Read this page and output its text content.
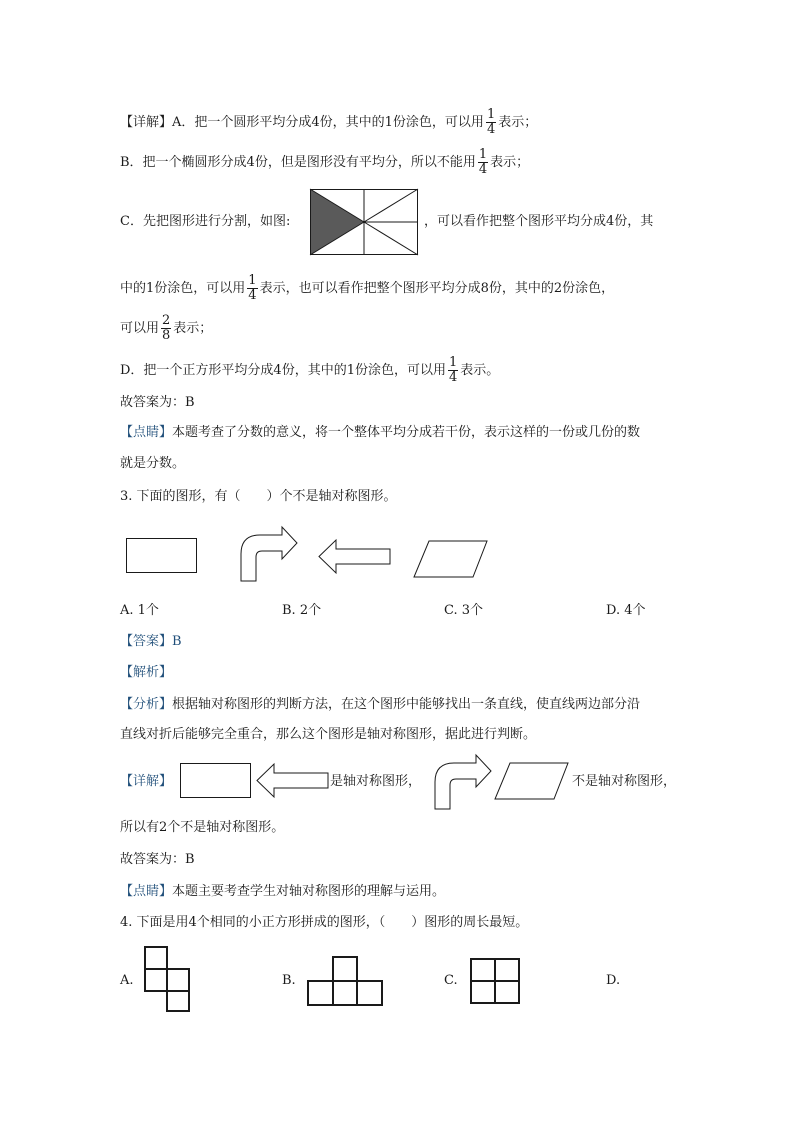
【详解】A．把一个圆形平均分成4份，其中的1份涂色，可以用 $\frac{1}{4}$ 表示；
B．把一个椭圆形分成4份，但是图形没有平均分，所以不能用 $\frac{1}{4}$ 表示；
C．先把图形进行分割，如图:	，可以看作把整个图形平均分成4份，其
中的1份涂色，可以用 $\frac{1}{4}$ 表示，也可以看作把整个图形平均分成8份，其中的2份涂色，
可以用 $\frac{2}{8}$ 表示；
D．把一个正方形平均分成4份，其中的1份涂色，可以用 $\frac{1}{4}$ 表示。
故答案为：B
【点睛】本题考查了分数的意义，将一个整体平均分成若干份，表示这样的一份或几份的数
就是分数。
3. 下面的图形，有（　　）个不是轴对称图形。
A. 1个	B. 2个	C. 3个	D. 4个
【答案】B
【解析】
【分析】根据轴对称图形的判断方法，在这个图形中能够找出一条直线，使直线两边部分沿
直线对折后能够完全重合，那么这个图形是轴对称图形，据此进行判断。
【详解】	是轴对称图形，	不是轴对称图形，
所以有2个不是轴对称图形。
故答案为：B
【点睛】本题主要考查学生对轴对称图形的理解与运用。
4. 下面是用4个相同的小正方形拼成的图形，（　　）图形的周长最短。
A.	B.	C.	D.
